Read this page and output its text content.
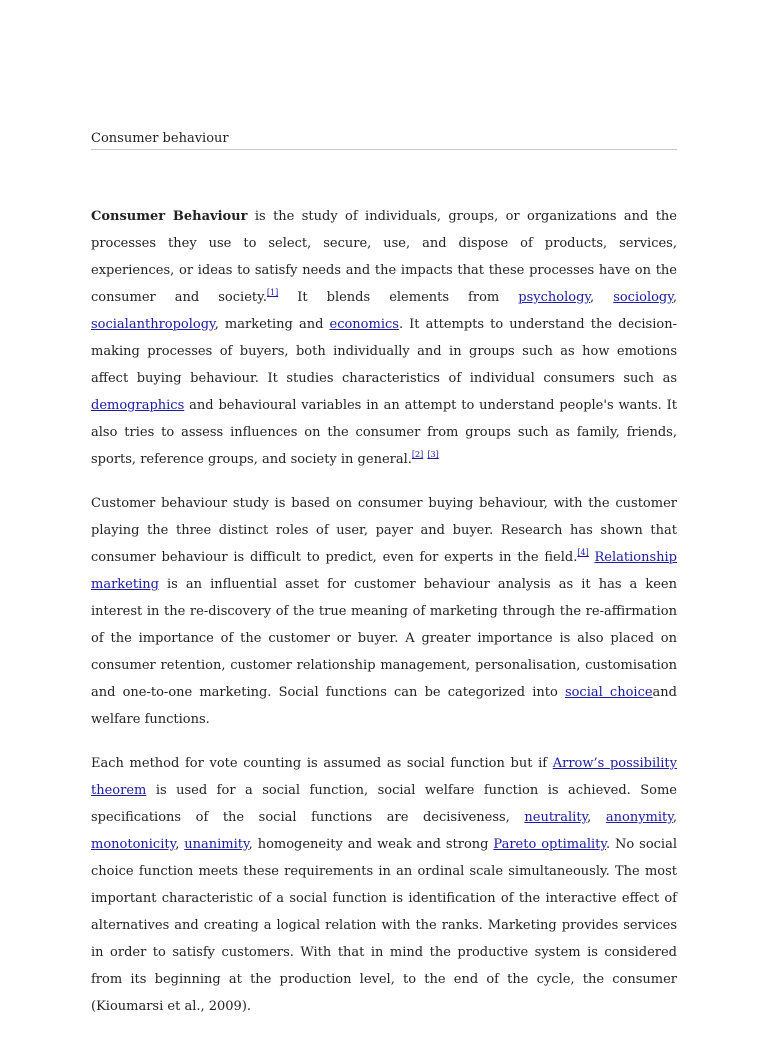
Consumer behaviour

Consumer Behaviour is the study of individuals, groups, or organizations and the processes they use to select, secure, use, and dispose of products, services, experiences, or ideas to satisfy needs and the impacts that these processes have on the consumer and society.[1] It blends elements from psychology, sociology, socialanthropology, marketing and economics. It attempts to understand the decision-making processes of buyers, both individually and in groups such as how emotions affect buying behaviour. It studies characteristics of individual consumers such as demographics and behavioural variables in an attempt to understand people's wants. It also tries to assess influences on the consumer from groups such as family, friends, sports, reference groups, and society in general.[2] [3]

Customer behaviour study is based on consumer buying behaviour, with the customer playing the three distinct roles of user, payer and buyer. Research has shown that consumer behaviour is difficult to predict, even for experts in the field.[4] Relationship marketing is an influential asset for customer behaviour analysis as it has a keen interest in the re-discovery of the true meaning of marketing through the re-affirmation of the importance of the customer or buyer. A greater importance is also placed on consumer retention, customer relationship management, personalisation, customisation and one-to-one marketing. Social functions can be categorized into social choiceand welfare functions.

Each method for vote counting is assumed as social function but if Arrow’s possibility theorem is used for a social function, social welfare function is achieved. Some specifications of the social functions are decisiveness, neutrality, anonymity, monotonicity, unanimity, homogeneity and weak and strong Pareto optimality. No social choice function meets these requirements in an ordinal scale simultaneously. The most important characteristic of a social function is identification of the interactive effect of alternatives and creating a logical relation with the ranks. Marketing provides services in order to satisfy customers. With that in mind the productive system is considered from its beginning at the production level, to the end of the cycle, the consumer (Kioumarsi et al., 2009).
